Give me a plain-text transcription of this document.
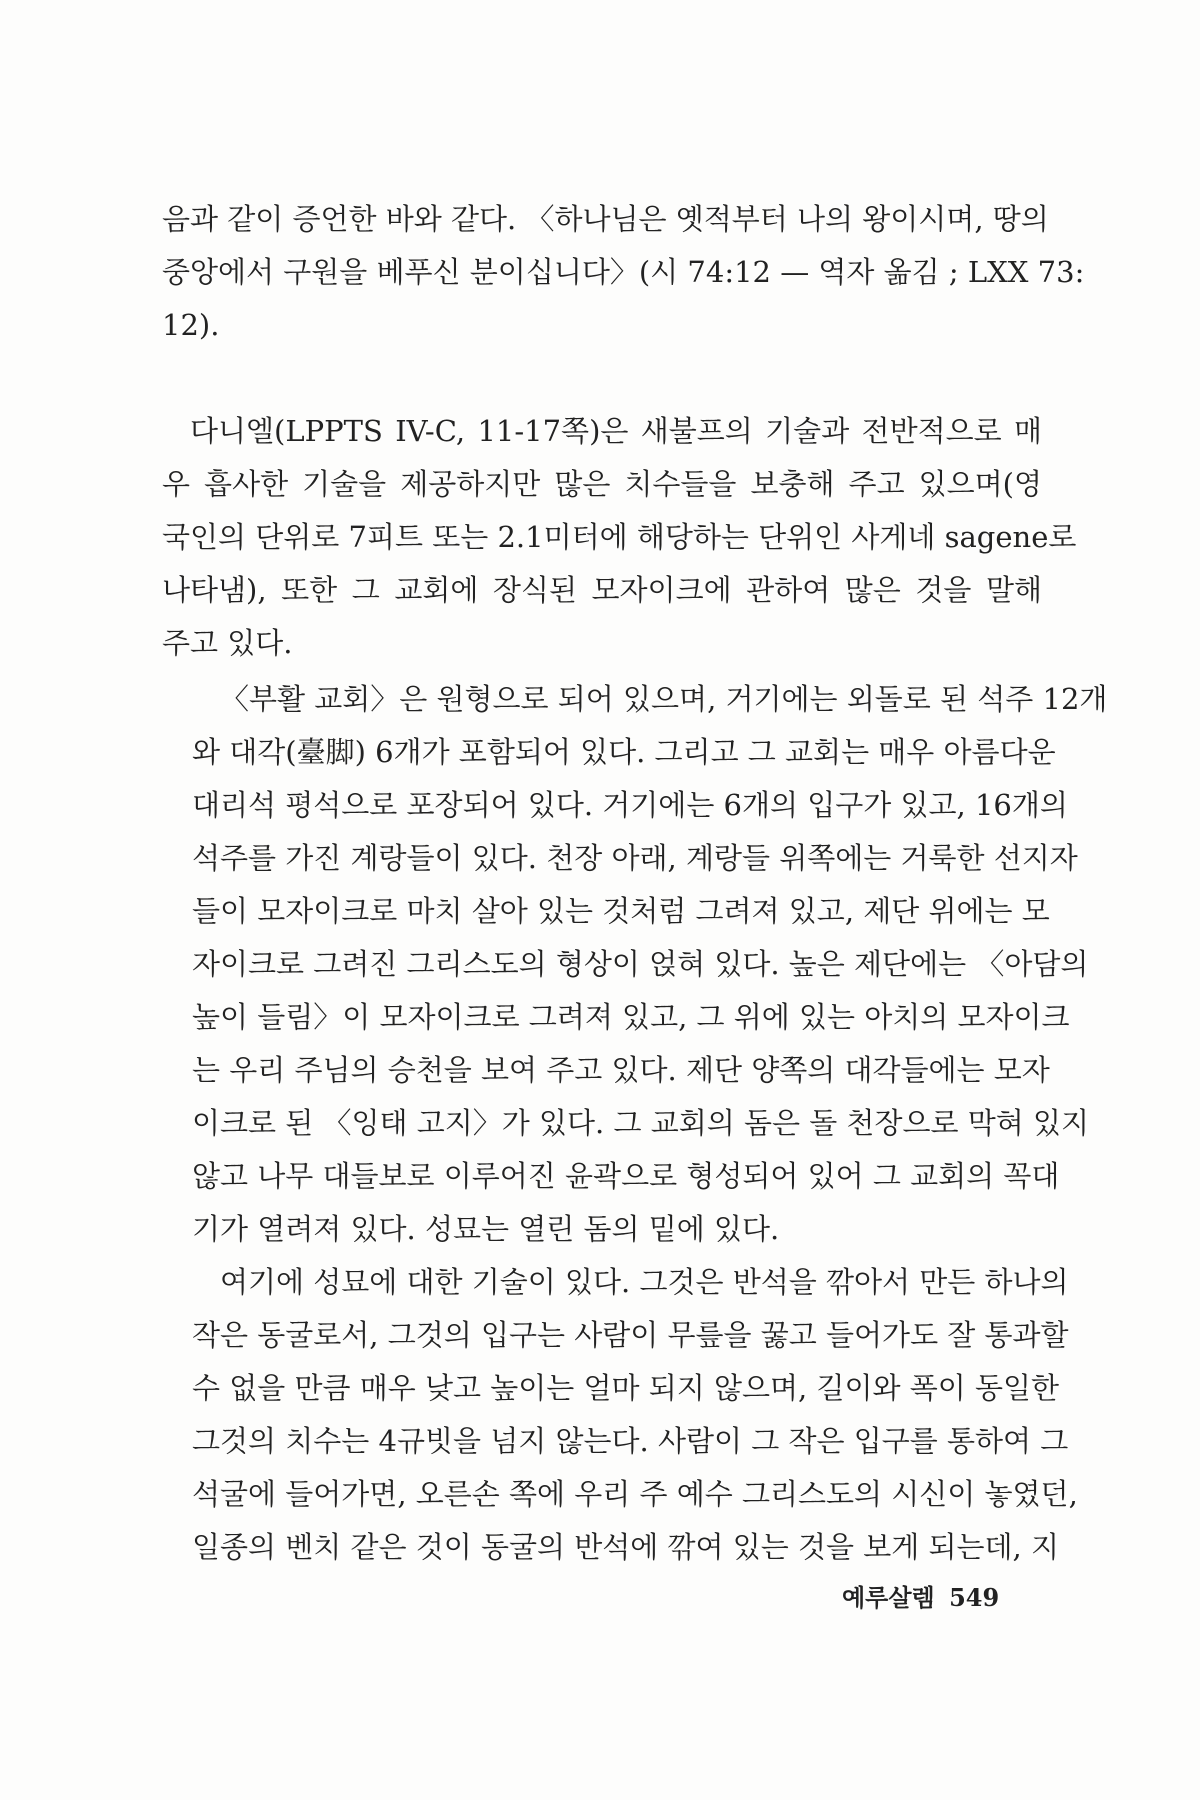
음과 같이 증언한 바와 같다. 〈하나님은 옛적부터 나의 왕이시며, 땅의
중앙에서 구원을 베푸신 분이십니다〉(시 74:12 — 역자 옮김 ; LXX 73:
12).
다니엘(LPPTS IV-C, 11-17쪽)은 새불프의 기술과 전반적으로 매
우 흡사한 기술을 제공하지만 많은 치수들을 보충해 주고 있으며(영
국인의 단위로 7피트 또는 2.1미터에 해당하는 단위인 사게네 sagene로
나타냄), 또한 그 교회에 장식된 모자이크에 관하여 많은 것을 말해
주고 있다.
〈부활 교회〉은 원형으로 되어 있으며, 거기에는 외돌로 된 석주 12개
와 대각(臺脚) 6개가 포함되어 있다. 그리고 그 교회는 매우 아름다운
대리석 평석으로 포장되어 있다. 거기에는 6개의 입구가 있고, 16개의
석주를 가진 계랑들이 있다. 천장 아래, 계랑들 위쪽에는 거룩한 선지자
들이 모자이크로 마치 살아 있는 것처럼 그려져 있고, 제단 위에는 모
자이크로 그려진 그리스도의 형상이 얹혀 있다. 높은 제단에는 〈아담의
높이 들림〉이 모자이크로 그려져 있고, 그 위에 있는 아치의 모자이크
는 우리 주님의 승천을 보여 주고 있다. 제단 양쪽의 대각들에는 모자
이크로 된 〈잉태 고지〉가 있다. 그 교회의 돔은 돌 천장으로 막혀 있지
않고 나무 대들보로 이루어진 윤곽으로 형성되어 있어 그 교회의 꼭대
기가 열려져 있다. 성묘는 열린 돔의 밑에 있다.
여기에 성묘에 대한 기술이 있다. 그것은 반석을 깎아서 만든 하나의
작은 동굴로서, 그것의 입구는 사람이 무릎을 꿇고 들어가도 잘 통과할
수 없을 만큼 매우 낮고 높이는 얼마 되지 않으며, 길이와 폭이 동일한
그것의 치수는 4규빗을 넘지 않는다. 사람이 그 작은 입구를 통하여 그
석굴에 들어가면, 오른손 쪽에 우리 주 예수 그리스도의 시신이 놓였던,
일종의 벤치 같은 것이 동굴의 반석에 깎여 있는 것을 보게 되는데, 지
예루살렘 549
